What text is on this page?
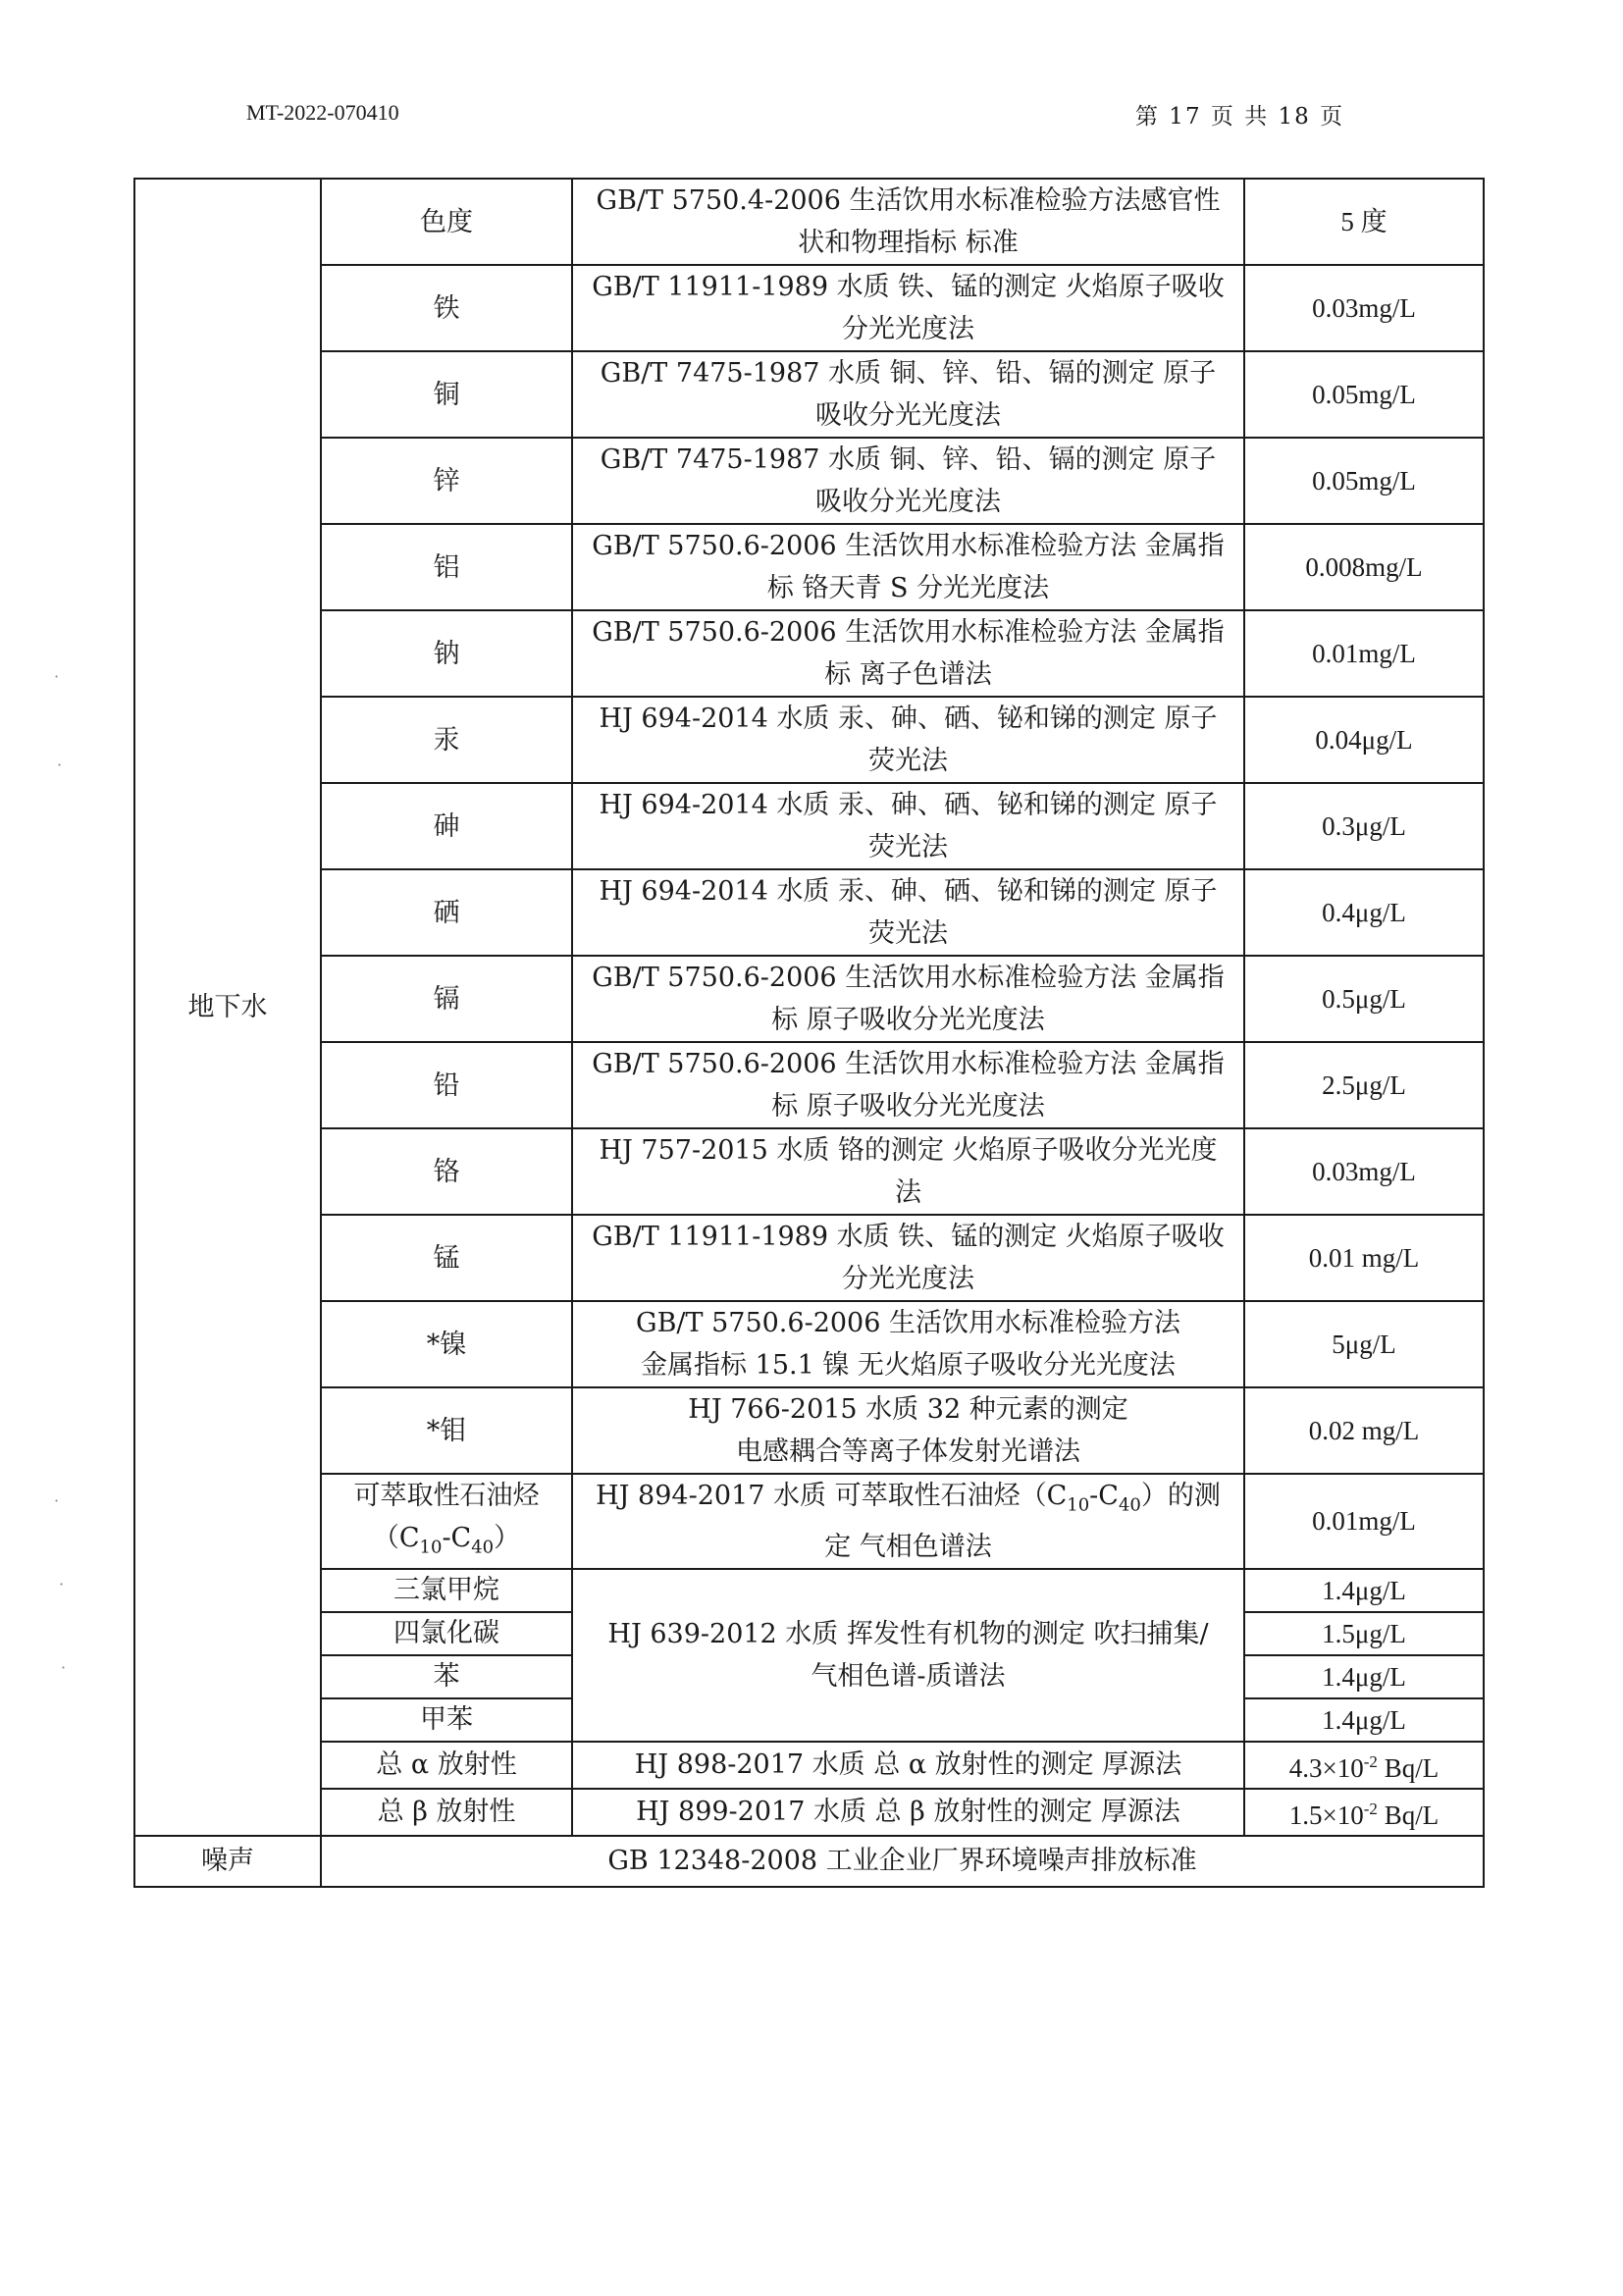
MT-2022-070410	第 17 页 共 18 页
地下水	色度	GB/T 5750.4-2006 生活饮用水标准检验方法感官性
状和物理指标 标准	5 度
	铁	GB/T 11911-1989 水质 铁、锰的测定 火焰原子吸收
分光光度法	0.03mg/L
	铜	GB/T 7475-1987 水质 铜、锌、铅、镉的测定 原子
吸收分光光度法	0.05mg/L
	锌	GB/T 7475-1987 水质 铜、锌、铅、镉的测定 原子
吸收分光光度法	0.05mg/L
	铝	GB/T 5750.6-2006 生活饮用水标准检验方法 金属指
标 铬天青 S 分光光度法	0.008mg/L
	钠	GB/T 5750.6-2006 生活饮用水标准检验方法 金属指
标 离子色谱法	0.01mg/L
	汞	HJ 694-2014 水质 汞、砷、硒、铋和锑的测定 原子
荧光法	0.04μg/L
	砷	HJ 694-2014 水质 汞、砷、硒、铋和锑的测定 原子
荧光法	0.3μg/L
	硒	HJ 694-2014 水质 汞、砷、硒、铋和锑的测定 原子
荧光法	0.4μg/L
	镉	GB/T 5750.6-2006 生活饮用水标准检验方法 金属指
标 原子吸收分光光度法	0.5μg/L
	铅	GB/T 5750.6-2006 生活饮用水标准检验方法 金属指
标 原子吸收分光光度法	2.5μg/L
	铬	HJ 757-2015 水质 铬的测定 火焰原子吸收分光光度
法	0.03mg/L
	锰	GB/T 11911-1989 水质 铁、锰的测定 火焰原子吸收
分光光度法	0.01 mg/L
	*镍	GB/T 5750.6-2006 生活饮用水标准检验方法
金属指标 15.1 镍 无火焰原子吸收分光光度法	5μg/L
	*钼	HJ 766-2015 水质 32 种元素的测定
电感耦合等离子体发射光谱法	0.02 mg/L
	可萃取性石油烃
$(C_{10}-C_{40})$	HJ 894-2017 水质 可萃取性石油烃$(C_{10}-C_{40})$的测
定 气相色谱法	0.01mg/L
	三氯甲烷	HJ 639-2012 水质 挥发性有机物的测定 吹扫捕集/
气相色谱-质谱法	1.4μg/L
	四氯化碳		1.5μg/L
	苯		1.4μg/L
	甲苯		1.4μg/L
	总 α 放射性	HJ 898-2017 水质 总 α 放射性的测定 厚源法	$4.3\times 10^{-2}$ Bq/L
	总 β 放射性	HJ 899-2017 水质 总 β 放射性的测定 厚源法	$1.5\times 10^{-2}$ Bq/L
噪声	GB 12348-2008 工业企业厂界环境噪声排放标准		
·
·
·
·
·
